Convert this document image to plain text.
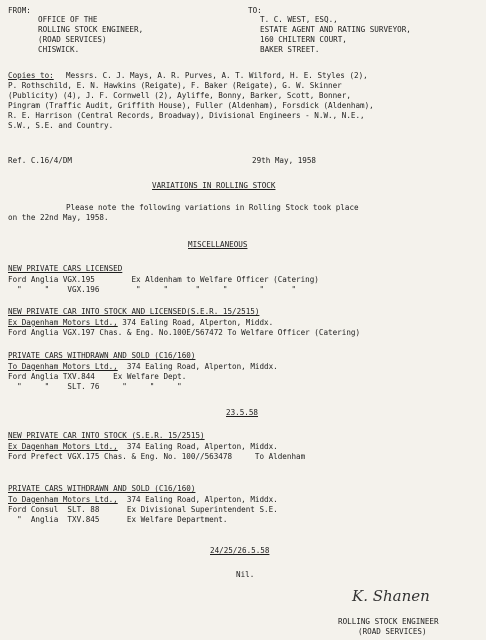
FROM:
OFFICE OF THE
ROLLING STOCK ENGINEER,
(ROAD SERVICES)
CHISWICK.
TO:
T. C. WEST, ESQ.,
ESTATE AGENT AND RATING SURVEYOR,
160 CHILTERN COURT,
BAKER STREET.
Copies to: Messrs. C. J. Mays, A. R. Purves, A. T. Wilford, H. E. Styles (2),
P. Rothschild, E. N. Hawkins (Reigate), F. Baker (Reigate), G. W. Skinner
(Publicity) (4), J. F. Cornwell (2), Ayliffe, Bonny, Barker, Scott, Bonner,
Pingram (Traffic Audit, Griffith House), Fuller (Aldenham), Forsdick (Aldenham),
R. E. Harrison (Central Records, Broadway), Divisional Engineers - N.W., N.E.,
S.W., S.E. and Country.
Ref. C.16/4/DM	29th May, 1958
VARIATIONS IN ROLLING STOCK
Please note the following variations in Rolling Stock took place
on the 22nd May, 1958.
MISCELLANEOUS
NEW PRIVATE CARS LICENSED
Ford Anglia VGX.195        Ex Aldenham to Welfare Officer (Catering)
"     "    VGX.196        "     "      "     "       "      "
NEW PRIVATE CAR INTO STOCK AND LICENSED(S.E.R. 15/2515)
Ex Dagenham Motors Ltd., 374 Ealing Road, Alperton, Middx.
Ford Anglia VGX.197 Chas. & Eng. No.100E/567472 To Welfare Officer (Catering)
PRIVATE CARS WITHDRAWN AND SOLD (C16/160)
To Dagenham Motors Ltd.,  374 Ealing Road, Alperton, Middx.
Ford Anglia TXV.844    Ex Welfare Dept.
"     "    SLT. 76     "     "     "
23.5.58
NEW PRIVATE CAR INTO STOCK (S.E.R. 15/2515)
Ex Dagenham Motors Ltd.,  374 Ealing Road, Alperton, Middx.
Ford Prefect VGX.175 Chas. & Eng. No. 100//563478     To Aldenham
PRIVATE CARS WITHDRAWN AND SOLD (C16/160)
To Dagenham Motors Ltd.,  374 Ealing Road, Alperton, Middx.
Ford Consul  SLT. 88      Ex Divisional Superintendent S.E.
"  Anglia  TXV.845      Ex Welfare Department.
24/25/26.5.58
Nil.
K. Shanen
ROLLING STOCK ENGINEER
(ROAD SERVICES)
